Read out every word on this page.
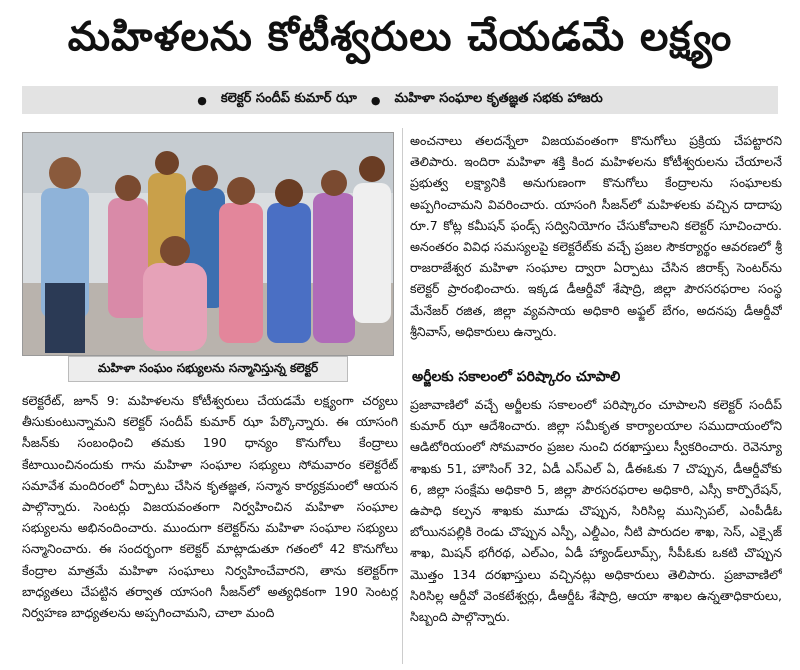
మహిళలను కోటీశ్వరులు చేయడమే లక్ష్యం
● కలెక్టర్ సందీప్ కుమార్ ఝా ● మహిళా సంఘాల కృతజ్ఞత సభకు హాజరు
మహిళా సంఘం సభ్యులను సన్మానిస్తున్న కలెక్టర్

కలెక్టరేట్, జూన్ 9: మహిళలను కోటీశ్వరులు చేయడమే లక్ష్యంగా చర్యలు తీసుకుంటున్నామని కలెక్టర్ సందీప్ కుమార్ ఝా పేర్కొన్నారు. ఈ యాసంగి సీజన్‌కు సంబంధించి తమకు 190 ధాన్యం కొనుగోలు కేంద్రాలు కేటాయించినందుకు గాను మహిళా సంఘాల సభ్యులు సోమవారం కలెక్టరేట్ సమావేశ మందిరంలో ఏర్పాటు చేసిన కృతజ్ఞత, సన్మాన కార్యక్రమంలో ఆయన పాల్గొన్నారు. సెంటర్లు విజయవంతంగా నిర్వహించిన మహిళా సంఘాల సభ్యులను అభినందించారు. ముందుగా కలెక్టర్‌ను మహిళా సంఘాల సభ్యులు సన్మానించారు. ఈ సందర్భంగా కలెక్టర్ మాట్లాడుతూ గతంలో 42 కొనుగోలు కేంద్రాల మాత్రమే మహిళా సంఘాలు నిర్వహించేవారని, తాను కలెక్టర్‌గా బాధ్యతలు చేపట్టిన తర్వాత యాసంగి సీజన్‌లో అత్యధికంగా 190 సెంటర్ల నిర్వహణ బాధ్యతలను అప్పగించామని, చాలా మంది

అంచనాలు తలదన్నేలా విజయవంతంగా కొనుగోలు ప్రక్రియ చేపట్టారని తెలిపారు. ఇందిరా మహిళా శక్తి కింద మహిళలను కోటీశ్వరులను చేయాలనే ప్రభుత్వ లక్ష్యానికి అనుగుణంగా కొనుగోలు కేంద్రాలను సంఘాలకు అప్పగించామని వివరించారు. యాసంగి సీజన్‌లో మహిళలకు వచ్చిన దాదాపు రూ.7 కోట్ల కమీషన్ ఫండ్స్ సద్వినియోగం చేసుకోవాలని కలెక్టర్ సూచించారు. అనంతరం వివిధ సమస్యలపై కలెక్టరేట్‌కు వచ్చే ప్రజల సౌకర్యార్థం ఆవరణలో శ్రీ రాజరాజేశ్వర మహిళా సంఘాల ద్వారా ఏర్పాటు చేసిన జిరాక్స్ సెంటర్‌ను కలెక్టర్ ప్రారంభించారు. ఇక్కడ డీఆర్డీవో శేషాద్రి, జిల్లా పౌరసరఫరాల సంస్థ మేనేజర్ రజిత, జిల్లా వ్యవసాయ అధికారి అఫ్జల్ బేగం, అదనపు డీఆర్డీవో శ్రీనివాస్, అధికారులు ఉన్నారు.

అర్జీలకు సకాలంలో పరిష్కారం చూపాలి

ప్రజావాణిలో వచ్చే అర్జీలకు సకాలంలో పరిష్కారం చూపాలని కలెక్టర్ సందీప్ కుమార్ ఝా ఆదేశించారు. జిల్లా సమీకృత కార్యాలయాల సముదాయంలోని ఆడిటోరియంలో సోమవారం ప్రజల నుంచి దరఖాస్తులు స్వీకరించారు. రెవెన్యూ శాఖకు 51, హౌసింగ్ 32, ఏడీ ఎస్ఎల్ ఏ, డీఈఓకు 7 చొప్పున, డీఆర్డీవోకు 6, జిల్లా సంక్షేమ అధికారి 5, జిల్లా పౌరసరఫరాల అధికారి, ఎస్సీ కార్పొరేషన్, ఉపాధి కల్పన శాఖకు మూడు చొప్పున, సిరిసిల్ల మున్సిపల్, ఎంపీడీఓ బోయినపల్లికి రెండు చొప్పున ఎస్పీ, ఎల్డీఎం, నీటి పారుదల శాఖ, సెస్, ఎక్సైజ్ శాఖ, మిషన్ భగీరథ, ఎల్ఎం, ఏడీ హ్యాండ్‌లూమ్స్, సీపీఓకు ఒకటి చొప్పున మొత్తం 134 దరఖాస్తులు వచ్చినట్లు అధికారులు తెలిపారు. ప్రజావాణిలో సిరిసిల్ల ఆర్డీవో వెంకటేశ్వర్లు, డీఆర్డీఓ శేషాద్రి, ఆయా శాఖల ఉన్నతాధికారులు, సిబ్బంది పాల్గొన్నారు.
